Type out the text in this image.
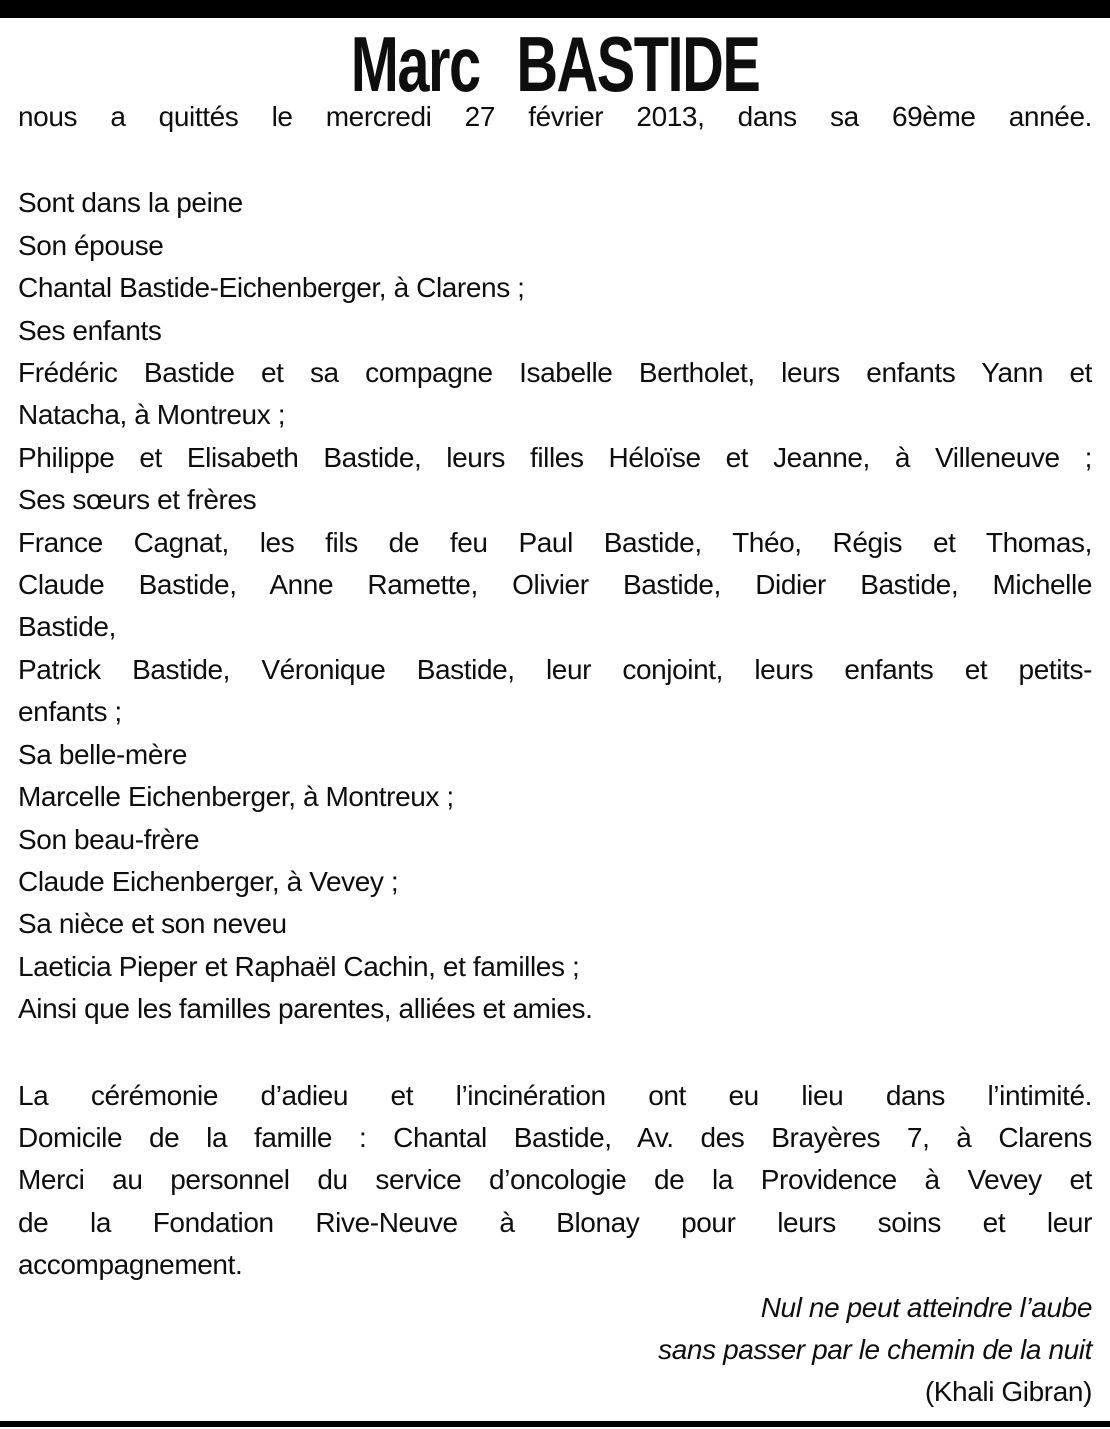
Marc BASTIDE
nous a quittés le mercredi 27 février 2013, dans sa 69ème année.
Sont dans la peine
Son épouse
Chantal Bastide-Eichenberger, à Clarens ;
Ses enfants
Frédéric Bastide et sa compagne Isabelle Bertholet, leurs enfants Yann et
Natacha, à Montreux ;
Philippe et Elisabeth Bastide, leurs filles Héloïse et Jeanne, à Villeneuve ;
Ses sœurs et frères
France Cagnat, les fils de feu Paul Bastide, Théo, Régis et Thomas,
Claude Bastide, Anne Ramette, Olivier Bastide, Didier Bastide, Michelle
Bastide,
Patrick Bastide, Véronique Bastide, leur conjoint, leurs enfants et petits-
enfants ;
Sa belle-mère
Marcelle Eichenberger, à Montreux ;
Son beau-frère
Claude Eichenberger, à Vevey ;
Sa nièce et son neveu
Laeticia Pieper et Raphaël Cachin, et familles ;
Ainsi que les familles parentes, alliées et amies.
La cérémonie d’adieu et l’incinération ont eu lieu dans l’intimité.
Domicile de la famille : Chantal Bastide, Av. des Brayères 7, à Clarens
Merci au personnel du service d’oncologie de la Providence à Vevey et
de la Fondation Rive-Neuve à Blonay pour leurs soins et leur
accompagnement.
Nul ne peut atteindre l’aube
sans passer par le chemin de la nuit
(Khali Gibran)
